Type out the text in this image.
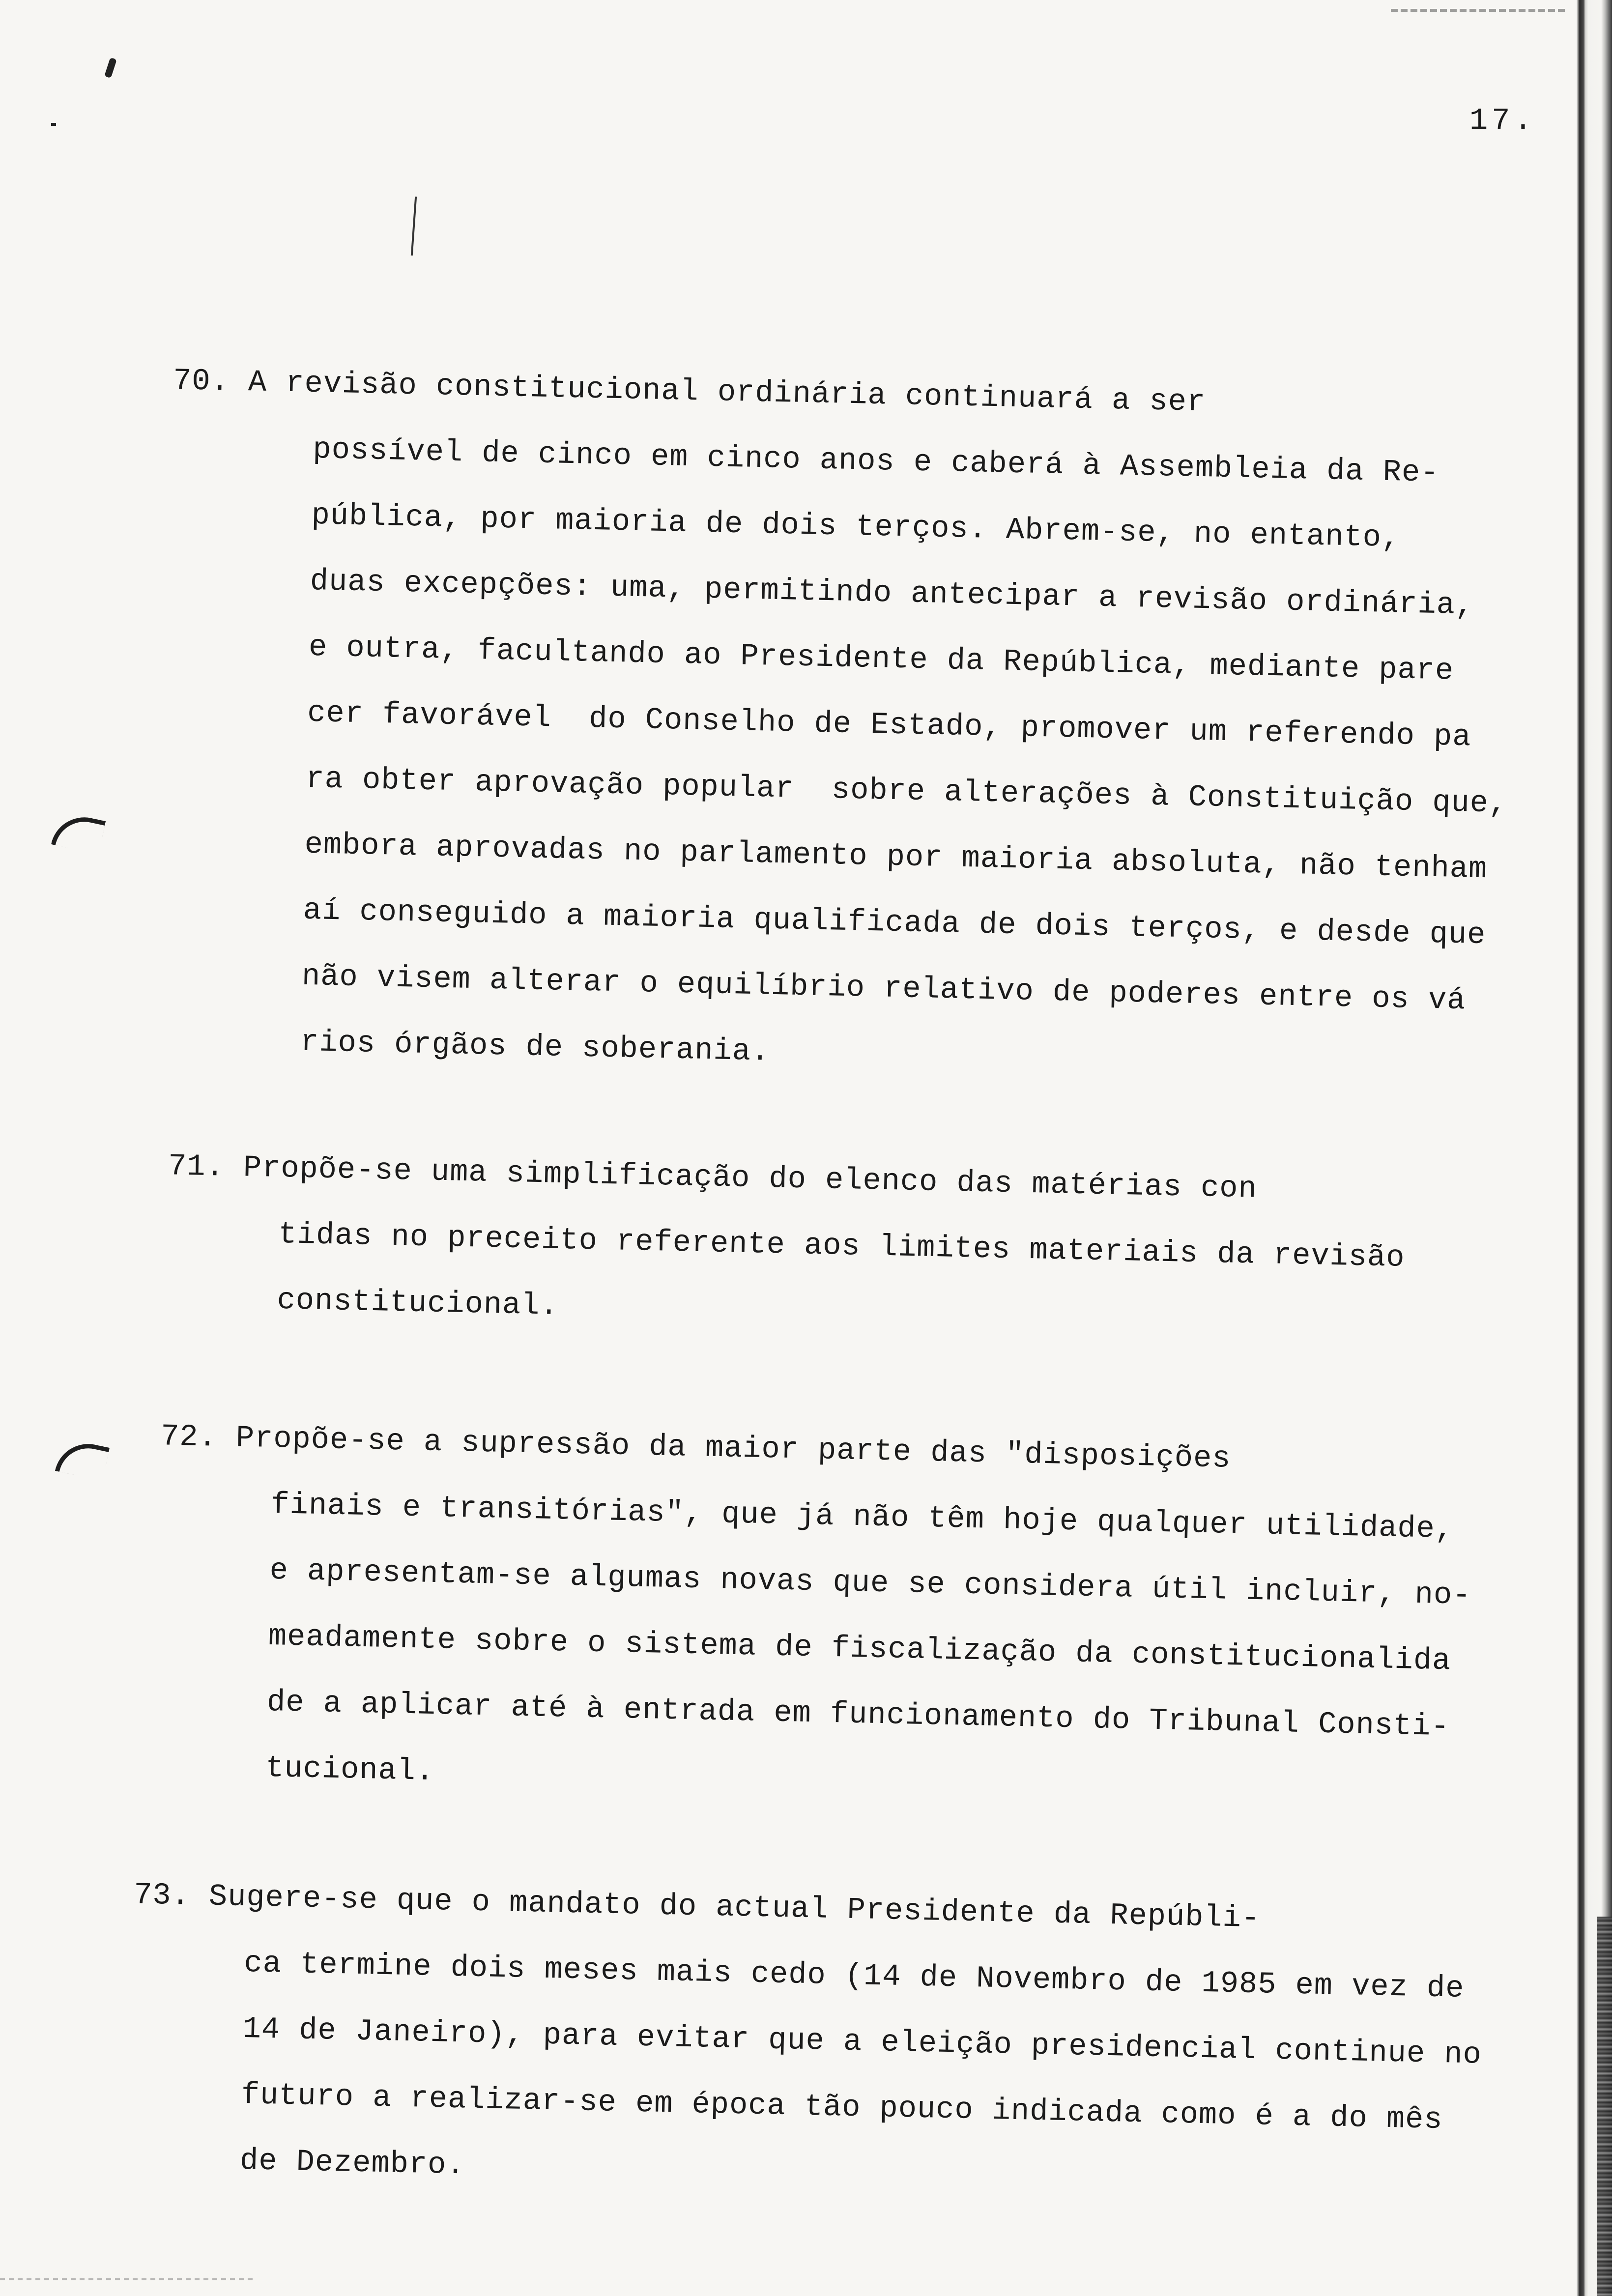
17.

70. A revisão constitucional ordinária continuará a ser
possível de cinco em cinco anos e caberá à Assembleia da Re-
pública, por maioria de dois terços. Abrem-se, no entanto,
duas excepções: uma, permitindo antecipar a revisão ordinária,
e outra, facultando ao Presidente da República, mediante pare
cer favorável  do Conselho de Estado, promover um referendo pa
ra obter aprovação popular  sobre alterações à Constituição que,
embora aprovadas no parlamento por maioria absoluta, não tenham
aí conseguido a maioria qualificada de dois terços, e desde que
não visem alterar o equilíbrio relativo de poderes entre os vá
rios órgãos de soberania.

71. Propõe-se uma simplificação do elenco das matérias con
tidas no preceito referente aos limites materiais da revisão
constitucional.

72. Propõe-se a supressão da maior parte das "disposições
finais e transitórias", que já não têm hoje qualquer utilidade,
e apresentam-se algumas novas que se considera útil incluir, no-
meadamente sobre o sistema de fiscalização da constitucionalida
de a aplicar até à entrada em funcionamento do Tribunal Consti-
tucional.

73. Sugere-se que o mandato do actual Presidente da Repúbli-
ca termine dois meses mais cedo (14 de Novembro de 1985 em vez de
14 de Janeiro), para evitar que a eleição presidencial continue no
futuro a realizar-se em época tão pouco indicada como é a do mês
de Dezembro.
